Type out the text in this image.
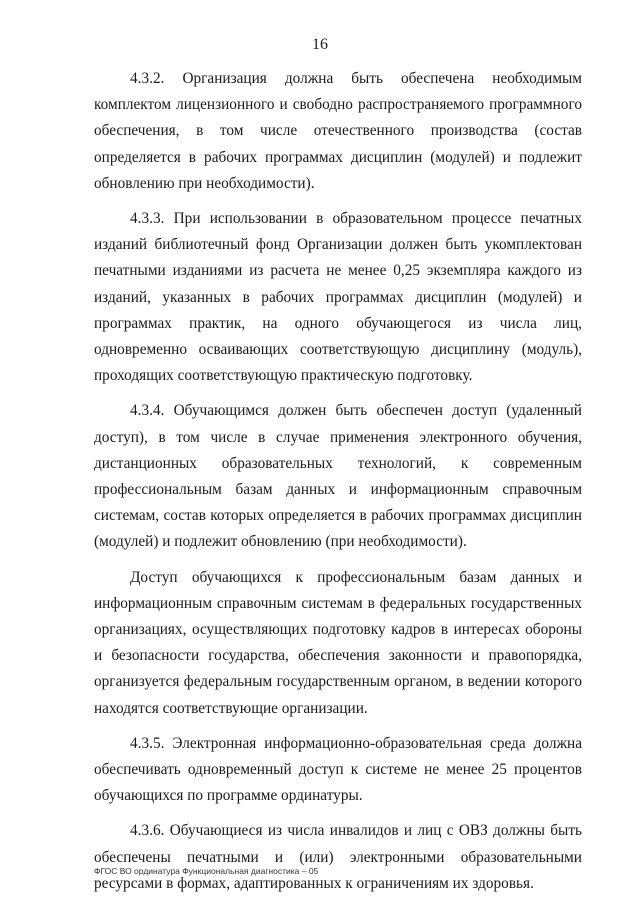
16

4.3.2. Организация должна быть обеспечена необходимым комплектом лицензионного и свободно распространяемого программного обеспечения, в том числе отечественного производства (состав определяется в рабочих программах дисциплин (модулей) и подлежит обновлению при необходимости).

4.3.3. При использовании в образовательном процессе печатных изданий библиотечный фонд Организации должен быть укомплектован печатными изданиями из расчета не менее 0,25 экземпляра каждого из изданий, указанных в рабочих программах дисциплин (модулей) и программах практик, на одного обучающегося из числа лиц, одновременно осваивающих соответствующую дисциплину (модуль), проходящих соответствующую практическую подготовку.

4.3.4. Обучающимся должен быть обеспечен доступ (удаленный доступ), в том числе в случае применения электронного обучения, дистанционных образовательных технологий, к современным профессиональным базам данных и информационным справочным системам, состав которых определяется в рабочих программах дисциплин (модулей) и подлежит обновлению (при необходимости).

Доступ обучающихся к профессиональным базам данных и информационным справочным системам в федеральных государственных организациях, осуществляющих подготовку кадров в интересах обороны и безопасности государства, обеспечения законности и правопорядка, организуется федеральным государственным органом, в ведении которого находятся соответствующие организации.

4.3.5. Электронная информационно-образовательная среда должна обеспечивать одновременный доступ к системе не менее 25 процентов обучающихся по программе ординатуры.

4.3.6. Обучающиеся из числа инвалидов и лиц с ОВЗ должны быть обеспечены печатными и (или) электронными образовательными ресурсами в формах, адаптированных к ограничениям их здоровья.

ФГОС ВО ординатура Функциональная диагностика – 05
